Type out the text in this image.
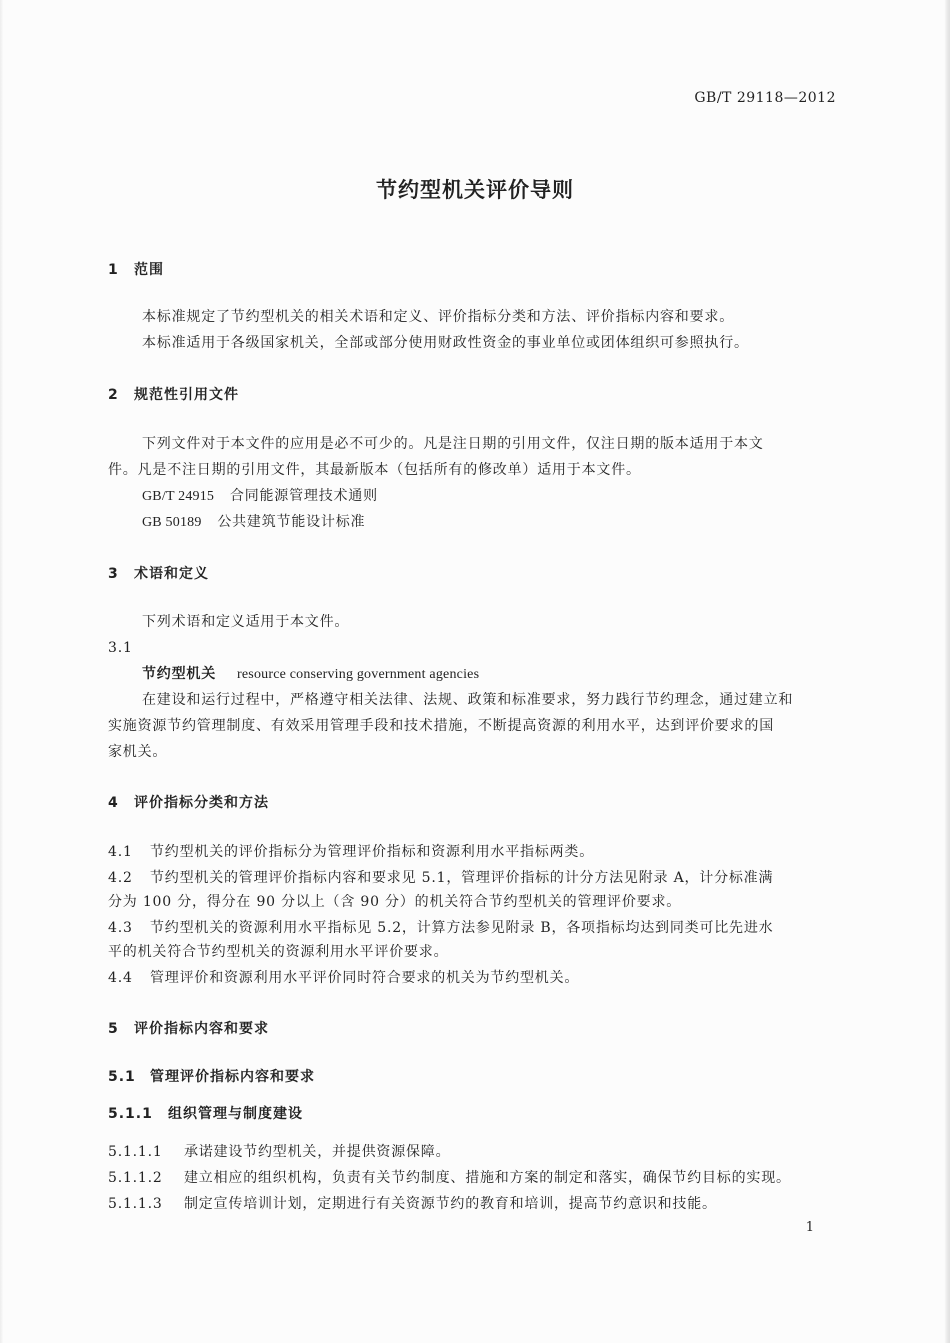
GB/T 29118—2012
节约型机关评价导则
1 范围
本标准规定了节约型机关的相关术语和定义、评价指标分类和方法、评价指标内容和要求。
本标准适用于各级国家机关，全部或部分使用财政性资金的事业单位或团体组织可参照执行。
2 规范性引用文件
下列文件对于本文件的应用是必不可少的。凡是注日期的引用文件，仅注日期的版本适用于本文
件。凡是不注日期的引用文件，其最新版本（包括所有的修改单）适用于本文件。
GB/T 24915 合同能源管理技术通则
GB 50189 公共建筑节能设计标准
3 术语和定义
下列术语和定义适用于本文件。
3.1
节约型机关 resource conserving government agencies
在建设和运行过程中，严格遵守相关法律、法规、政策和标准要求，努力践行节约理念，通过建立和
实施资源节约管理制度、有效采用管理手段和技术措施，不断提高资源的利用水平，达到评价要求的国
家机关。
4 评价指标分类和方法
4.1 节约型机关的评价指标分为管理评价指标和资源利用水平指标两类。
4.2 节约型机关的管理评价指标内容和要求见 5.1，管理评价指标的计分方法见附录 A，计分标准满
分为 100 分，得分在 90 分以上（含 90 分）的机关符合节约型机关的管理评价要求。
4.3 节约型机关的资源利用水平指标见 5.2，计算方法参见附录 B，各项指标均达到同类可比先进水
平的机关符合节约型机关的资源利用水平评价要求。
4.4 管理评价和资源利用水平评价同时符合要求的机关为节约型机关。
5 评价指标内容和要求
5.1 管理评价指标内容和要求
5.1.1 组织管理与制度建设
5.1.1.1 承诺建设节约型机关，并提供资源保障。
5.1.1.2 建立相应的组织机构，负责有关节约制度、措施和方案的制定和落实，确保节约目标的实现。
5.1.1.3 制定宣传培训计划，定期进行有关资源节约的教育和培训，提高节约意识和技能。
1
